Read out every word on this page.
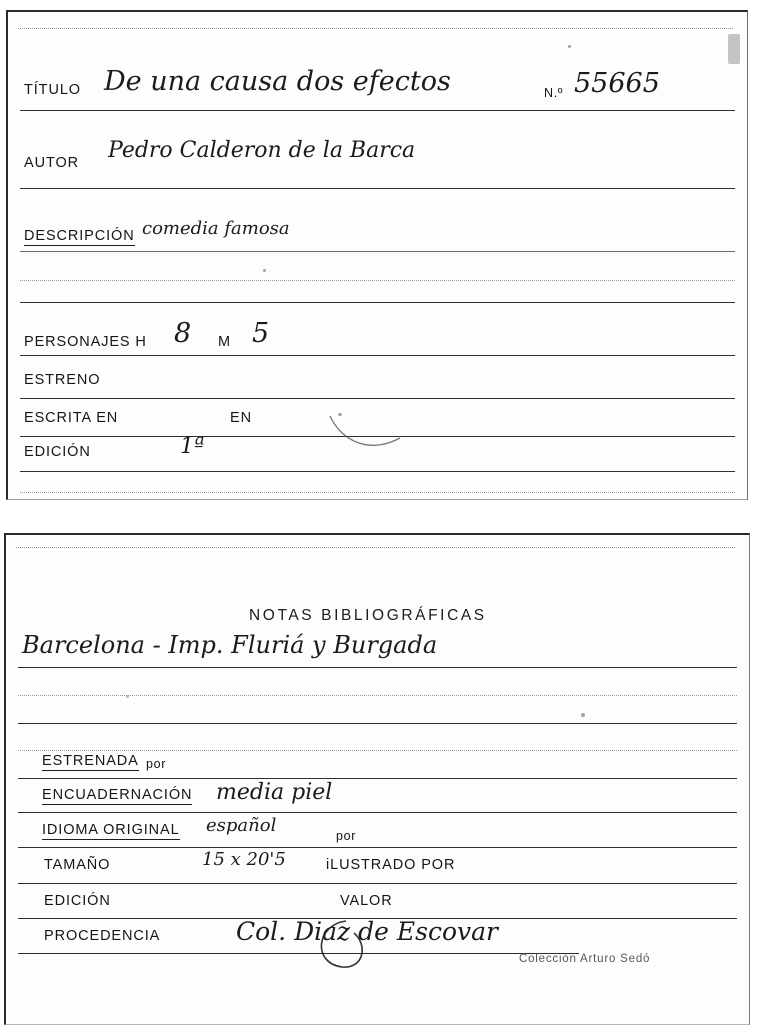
TÍTULO De una causa dos efectos	N.º 55665
AUTOR Pedro Calderon de la Barca
DESCRIPCIÓN comedia famosa
PERSONAJES H 8 M 5
ESTRENO
ESCRITA EN	EN
EDICIÓN	1ª
NOTAS BIBLIOGRÁFICAS
Barcelona - Imp. Fluriá y Burgada
ESTRENADA por
ENCUADERNACIÓN media piel
IDIOMA ORIGINAL español	por
TAMAÑO	15 x 20'5	iLUSTRADO POR
EDICIÓN	VALOR
PROCEDENCIA	Col. Diaz de Escovar
Colección Arturo Sedó
